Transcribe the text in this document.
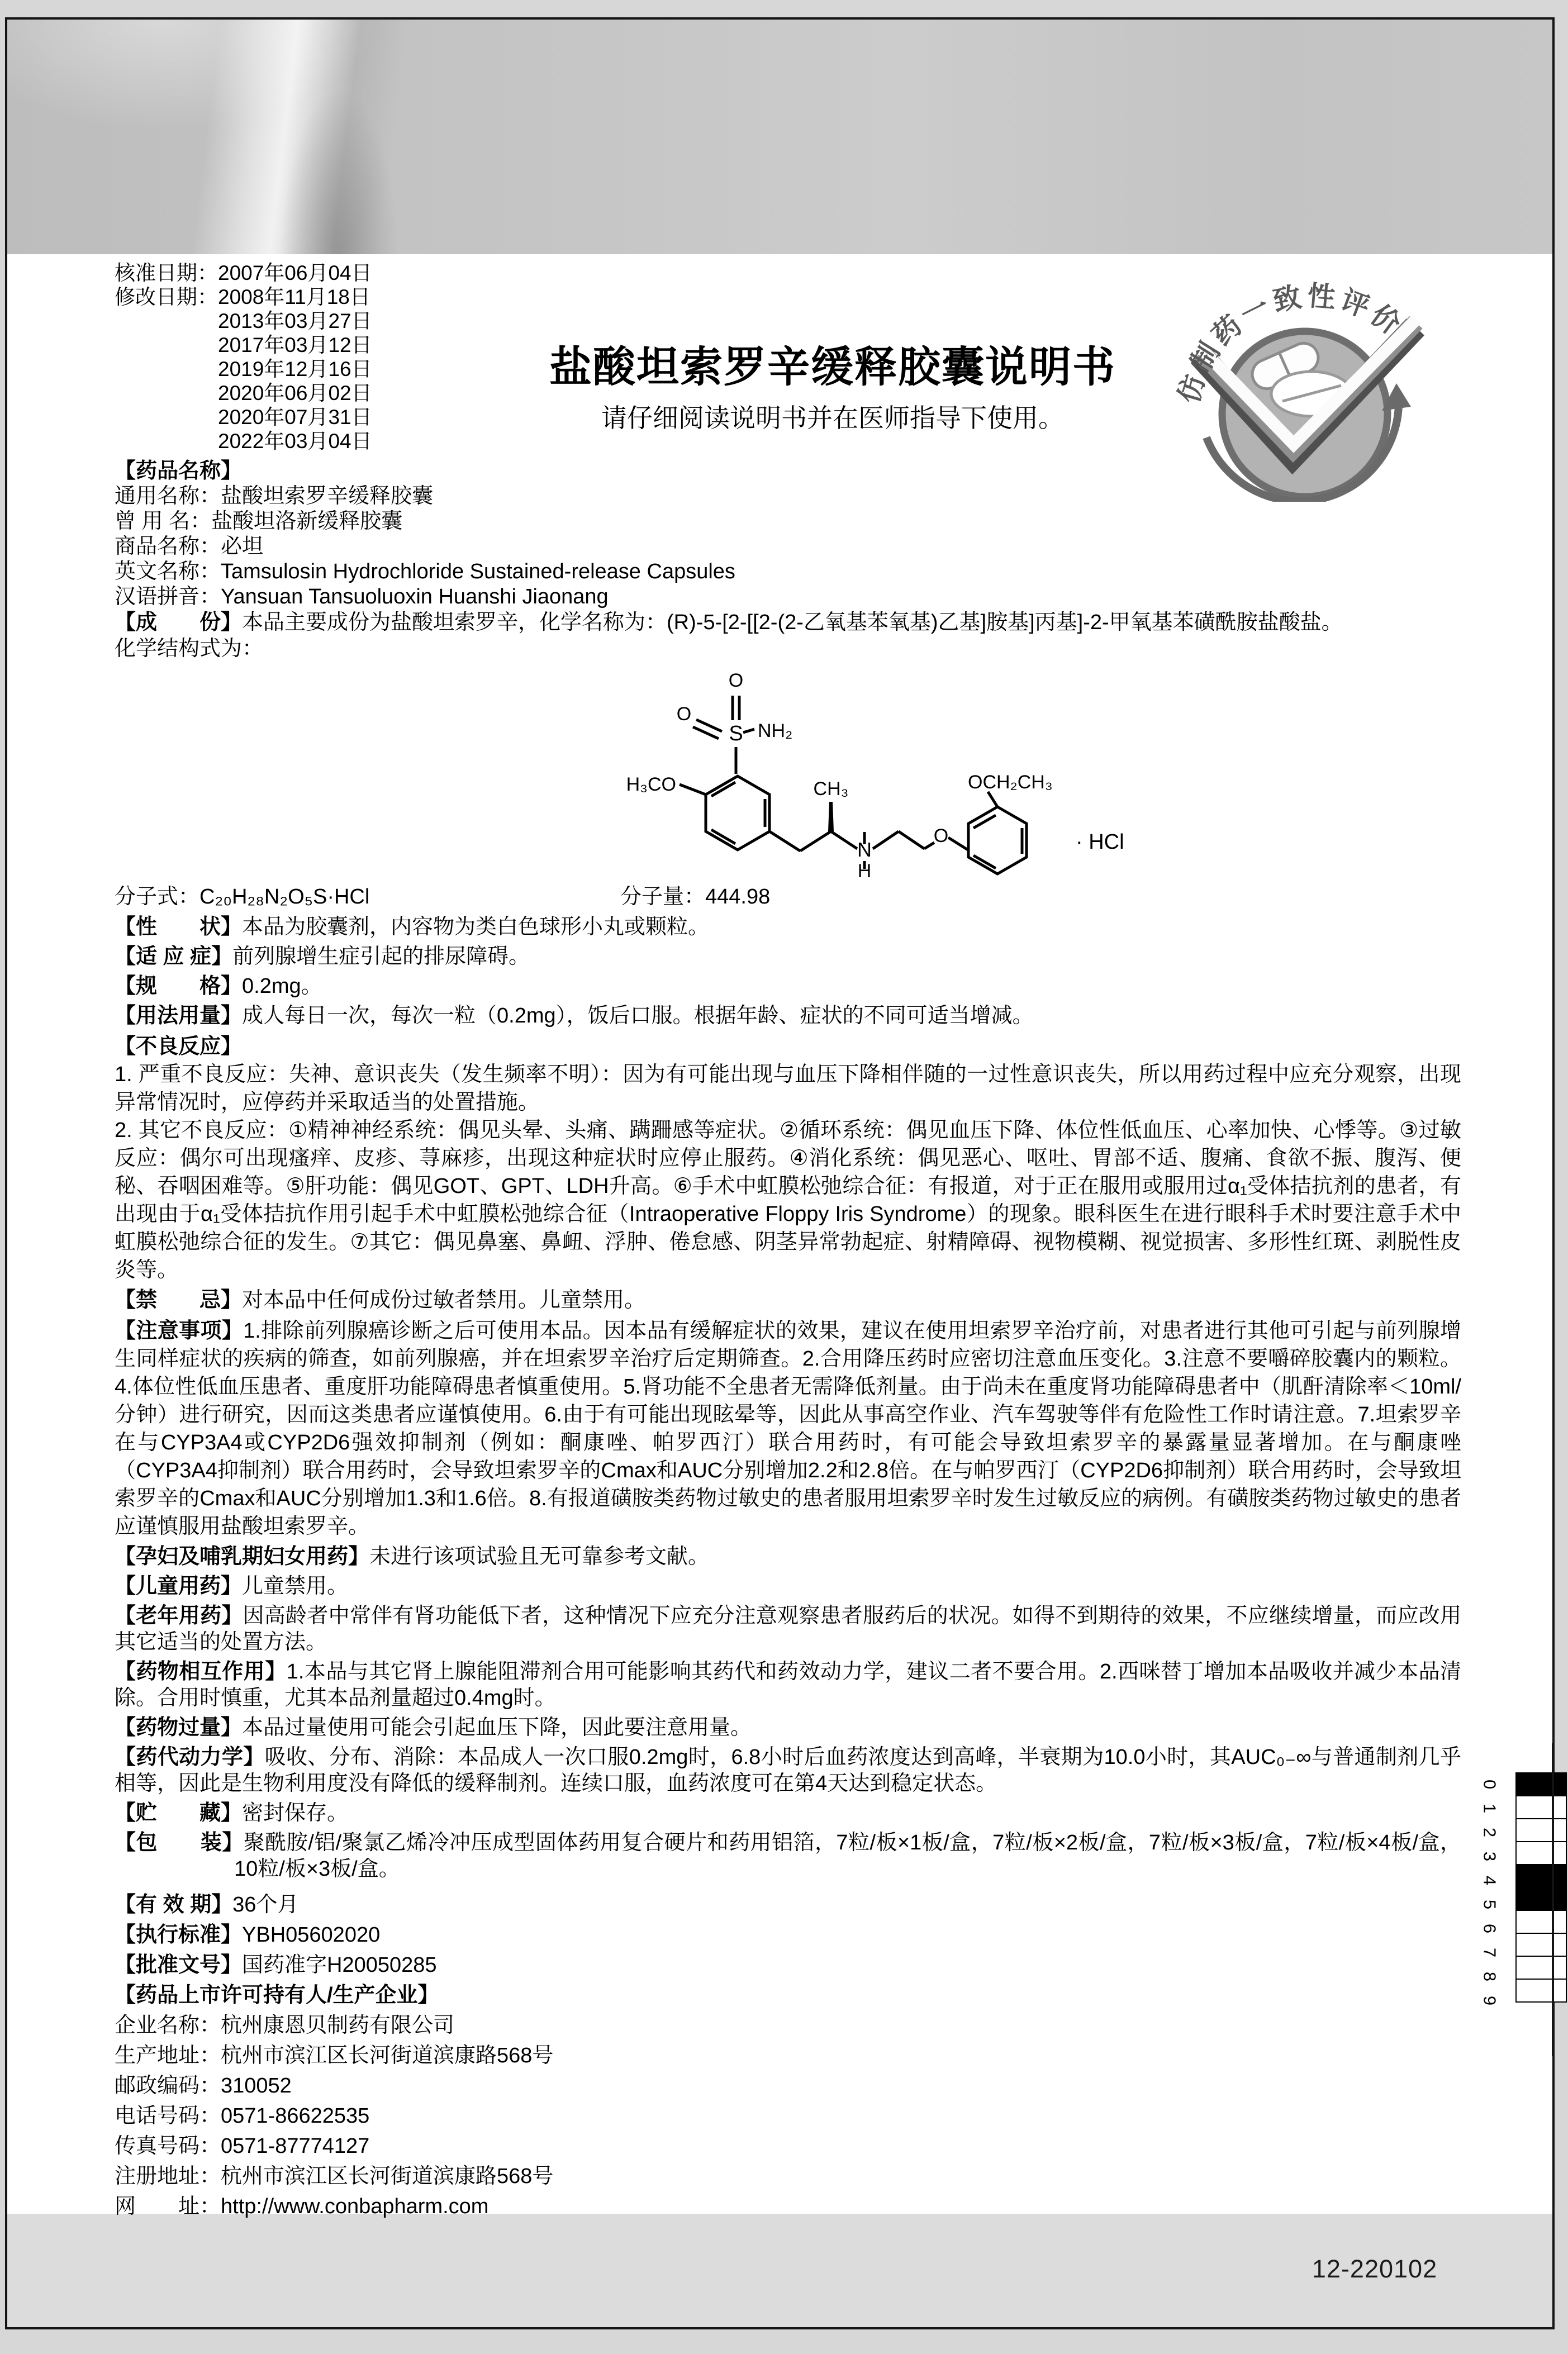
盐酸坦索罗辛缓释胶囊说明书
请仔细阅读说明书并在医师指导下使用。
仿制药一致性评价
核准日期：2007年06月04日
修改日期：2008年11月18日
2013年03月27日
2017年03月12日
2019年12月16日
2020年06月02日
2020年07月31日
2022年03月04日
【药品名称】
通用名称：盐酸坦索罗辛缓释胶囊
曾 用 名：盐酸坦洛新缓释胶囊
商品名称：必坦
英文名称：Tamsulosin Hydrochloride Sustained-release Capsules
汉语拼音：Yansuan Tansuoluoxin Huanshi Jiaonang

【成　　份】本品主要成份为盐酸坦索罗辛，化学名称为：(R)-5-[2-[[2-(2-乙氧基苯氧基)乙基]胺基]丙基]-2-甲氧基苯磺酰胺盐酸盐。
化学结构式为：

O
O
S NH₂
H₃CO	CH₃
N
H
O
OCH₂CH₃
· HCl
分子式：C₂₀H₂₈N₂O₅S·HCl	分子量：444.98

【性　　状】本品为胶囊剂，内容物为类白色球形小丸或颗粒。

【适 应 症】前列腺增生症引起的排尿障碍。

【规　　格】0.2mg。

【用法用量】成人每日一次，每次一粒（0.2mg），饭后口服。根据年龄、症状的不同可适当增减。

【不良反应】

1. 严重不良反应：失神、意识丧失（发生频率不明）：因为有可能出现与血压下降相伴随的一过性意识丧失，所以用药过程中应充分观察，出现异常情况时，应停药并采取适当的处置措施。

2. 其它不良反应：①精神神经系统：偶见头晕、头痛、蹒跚感等症状。②循环系统：偶见血压下降、体位性低血压、心率加快、心悸等。③过敏反应：偶尔可出现瘙痒、皮疹、荨麻疹，出现这种症状时应停止服药。④消化系统：偶见恶心、呕吐、胃部不适、腹痛、食欲不振、腹泻、便秘、吞咽困难等。⑤肝功能：偶见GOT、GPT、LDH升高。⑥手术中虹膜松弛综合征：有报道，对于正在服用或服用过α₁受体拮抗剂的患者，有出现由于α₁受体拮抗作用引起手术中虹膜松弛综合征（Intraoperative Floppy Iris Syndrome）的现象。眼科医生在进行眼科手术时要注意手术中虹膜松弛综合征的发生。⑦其它：偶见鼻塞、鼻衄、浮肿、倦怠感、阴茎异常勃起症、射精障碍、视物模糊、视觉损害、多形性红斑、剥脱性皮炎等。

【禁　　忌】对本品中任何成份过敏者禁用。儿童禁用。

【注意事项】1.排除前列腺癌诊断之后可使用本品。因本品有缓解症状的效果，建议在使用坦索罗辛治疗前，对患者进行其他可引起与前列腺增生同样症状的疾病的筛查，如前列腺癌，并在坦索罗辛治疗后定期筛查。2.合用降压药时应密切注意血压变化。3.注意不要嚼碎胶囊内的颗粒。4.体位性低血压患者、重度肝功能障碍患者慎重使用。5.肾功能不全患者无需降低剂量。由于尚未在重度肾功能障碍患者中（肌酐清除率＜10ml/分钟）进行研究，因而这类患者应谨慎使用。6.由于有可能出现眩晕等，因此从事高空作业、汽车驾驶等伴有危险性工作时请注意。7.坦索罗辛在与CYP3A4或CYP2D6强效抑制剂（例如：酮康唑、帕罗西汀）联合用药时，有可能会导致坦索罗辛的暴露量显著增加。在与酮康唑（CYP3A4抑制剂）联合用药时，会导致坦索罗辛的Cmax和AUC分别增加2.2和2.8倍。在与帕罗西汀（CYP2D6抑制剂）联合用药时，会导致坦索罗辛的Cmax和AUC分别增加1.3和1.6倍。8.有报道磺胺类药物过敏史的患者服用坦索罗辛时发生过敏反应的病例。有磺胺类药物过敏史的患者应谨慎服用盐酸坦索罗辛。

【孕妇及哺乳期妇女用药】未进行该项试验且无可靠参考文献。

【儿童用药】儿童禁用。

【老年用药】因高龄者中常伴有肾功能低下者，这种情况下应充分注意观察患者服药后的状况。如得不到期待的效果，不应继续增量，而应改用其它适当的处置方法。

【药物相互作用】1.本品与其它肾上腺能阻滞剂合用可能影响其药代和药效动力学，建议二者不要合用。2.西咪替丁增加本品吸收并减少本品清除。合用时慎重，尤其本品剂量超过0.4mg时。

【药物过量】本品过量使用可能会引起血压下降，因此要注意用量。

【药代动力学】吸收、分布、消除：本品成人一次口服0.2mg时，6.8小时后血药浓度达到高峰，半衰期为10.0小时，其AUC₀₋∞与普通制剂几乎相等，因此是生物利用度没有降低的缓释制剂。连续口服，血药浓度可在第4天达到稳定状态。

【贮　　藏】密封保存。

【包　　装】聚酰胺/铝/聚氯乙烯冷冲压成型固体药用复合硬片和药用铝箔，7粒/板×1板/盒，7粒/板×2板/盒，7粒/板×3板/盒，7粒/板×4板/盒，10粒/板×3板/盒。

【有 效 期】36个月

【执行标准】YBH05602020

【批准文号】国药准字H20050285

【药品上市许可持有人/生产企业】

企业名称：杭州康恩贝制药有限公司

生产地址：杭州市滨江区长河街道滨康路568号

邮政编码：310052

电话号码：0571-86622535

传真号码：0571-87774127

注册地址：杭州市滨江区长河街道滨康路568号

网　　址：http://www.conbapharm.com

0
1
2
3
4
5
6
7
8
9
12-220102
